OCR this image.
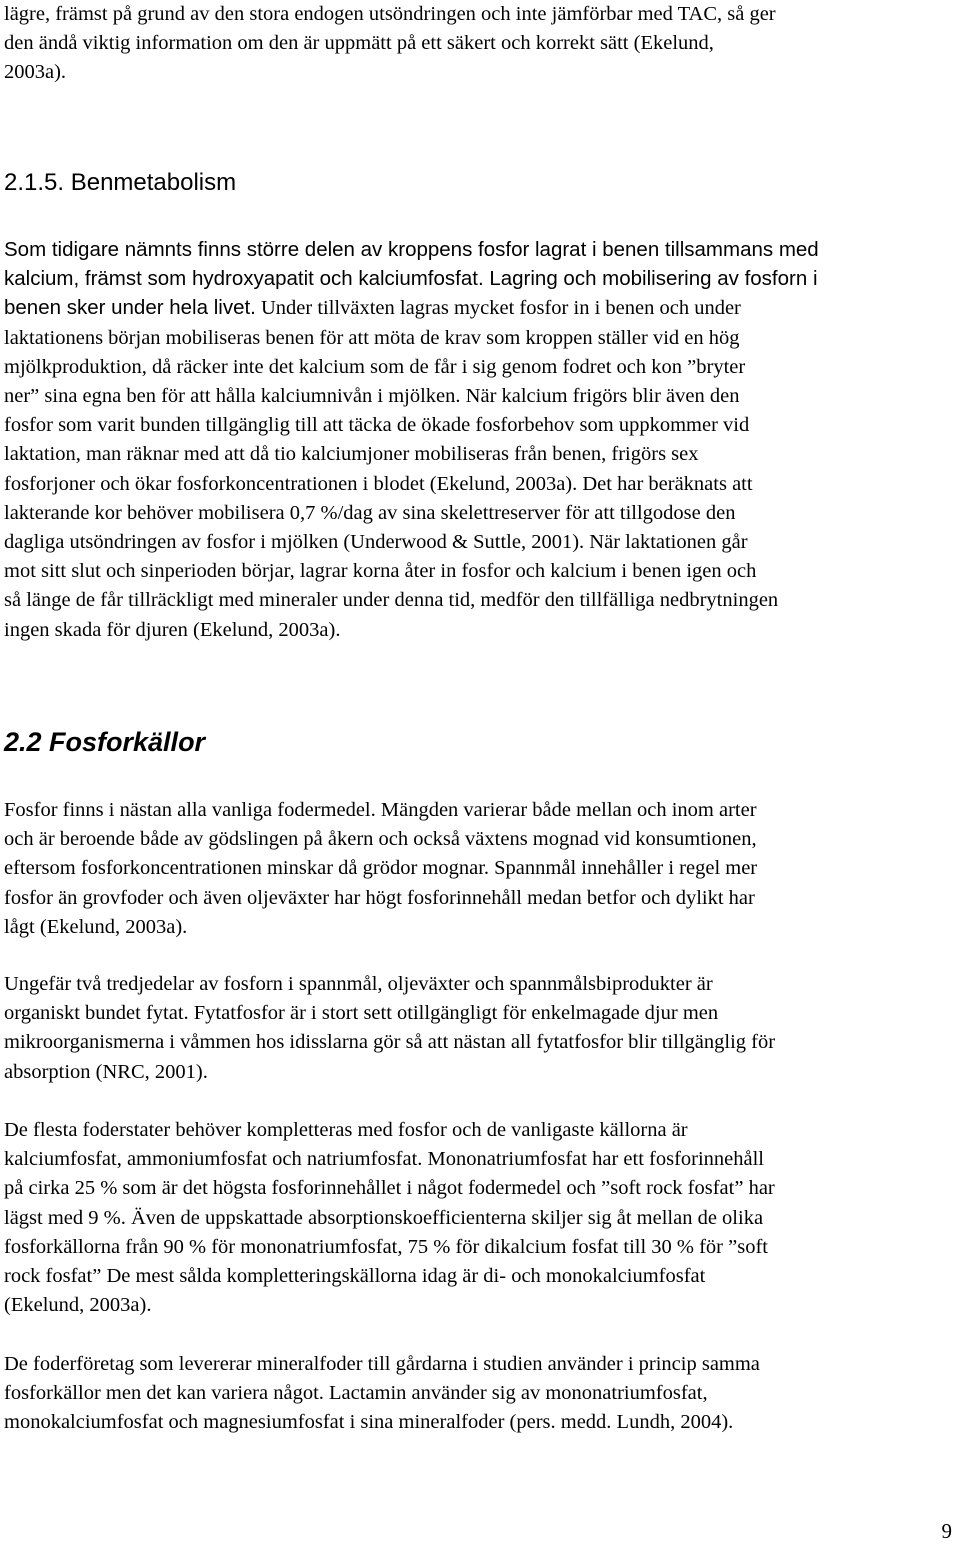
lägre, främst på grund av den stora endogen utsöndringen och inte jämförbar med TAC, så ger
den ändå viktig information om den är uppmätt på ett säkert och korrekt sätt (Ekelund,
2003a).
2.1.5. Benmetabolism
Som tidigare nämnts finns större delen av kroppens fosfor lagrat i benen tillsammans med
kalcium, främst som hydroxyapatit och kalciumfosfat. Lagring och mobilisering av fosforn i
benen sker under hela livet. Under tillväxten lagras mycket fosfor in i benen och under
laktationens början mobiliseras benen för att möta de krav som kroppen ställer vid en hög
mjölkproduktion, då räcker inte det kalcium som de får i sig genom fodret och kon ”bryter
ner” sina egna ben för att hålla kalciumnivån i mjölken. När kalcium frigörs blir även den
fosfor som varit bunden tillgänglig till att täcka de ökade fosforbehov som uppkommer vid
laktation, man räknar med att då tio kalciumjoner mobiliseras från benen, frigörs sex
fosforjoner och ökar fosforkoncentrationen i blodet (Ekelund, 2003a). Det har beräknats att
lakterande kor behöver mobilisera 0,7 %/dag av sina skelettreserver för att tillgodose den
dagliga utsöndringen av fosfor i mjölken (Underwood & Suttle, 2001). När laktationen går
mot sitt slut och sinperioden börjar, lagrar korna åter in fosfor och kalcium i benen igen och
så länge de får tillräckligt med mineraler under denna tid, medför den tillfälliga nedbrytningen
ingen skada för djuren (Ekelund, 2003a).
2.2 Fosforkällor
Fosfor finns i nästan alla vanliga fodermedel. Mängden varierar både mellan och inom arter
och är beroende både av gödslingen på åkern och också växtens mognad vid konsumtionen,
eftersom fosforkoncentrationen minskar då grödor mognar. Spannmål innehåller i regel mer
fosfor än grovfoder och även oljeväxter har högt fosforinnehåll medan betfor och dylikt har
lågt (Ekelund, 2003a).
Ungefär två tredjedelar av fosforn i spannmål, oljeväxter och spannmålsbiprodukter är
organiskt bundet fytat. Fytatfosfor är i stort sett otillgängligt för enkelmagade djur men
mikroorganismerna i våmmen hos idisslarna gör så att nästan all fytatfosfor blir tillgänglig för
absorption (NRC, 2001).
De flesta foderstater behöver kompletteras med fosfor och de vanligaste källorna är
kalciumfosfat, ammoniumfosfat och natriumfosfat. Mononatriumfosfat har ett fosforinnehåll
på cirka 25 % som är det högsta fosforinnehållet i något fodermedel och ”soft rock fosfat” har
lägst med 9 %. Även de uppskattade absorptionskoefficienterna skiljer sig åt mellan de olika
fosforkällorna från 90 % för mononatriumfosfat, 75 % för dikalcium fosfat till 30 % för ”soft
rock fosfat” De mest sålda kompletteringskällorna idag är di- och monokalciumfosfat
(Ekelund, 2003a).
De foderföretag som levererar mineralfoder till gårdarna i studien använder i princip samma
fosforkällor men det kan variera något. Lactamin använder sig av mononatriumfosfat,
monokalciumfosfat och magnesiumfosfat i sina mineralfoder (pers. medd. Lundh, 2004).
9
